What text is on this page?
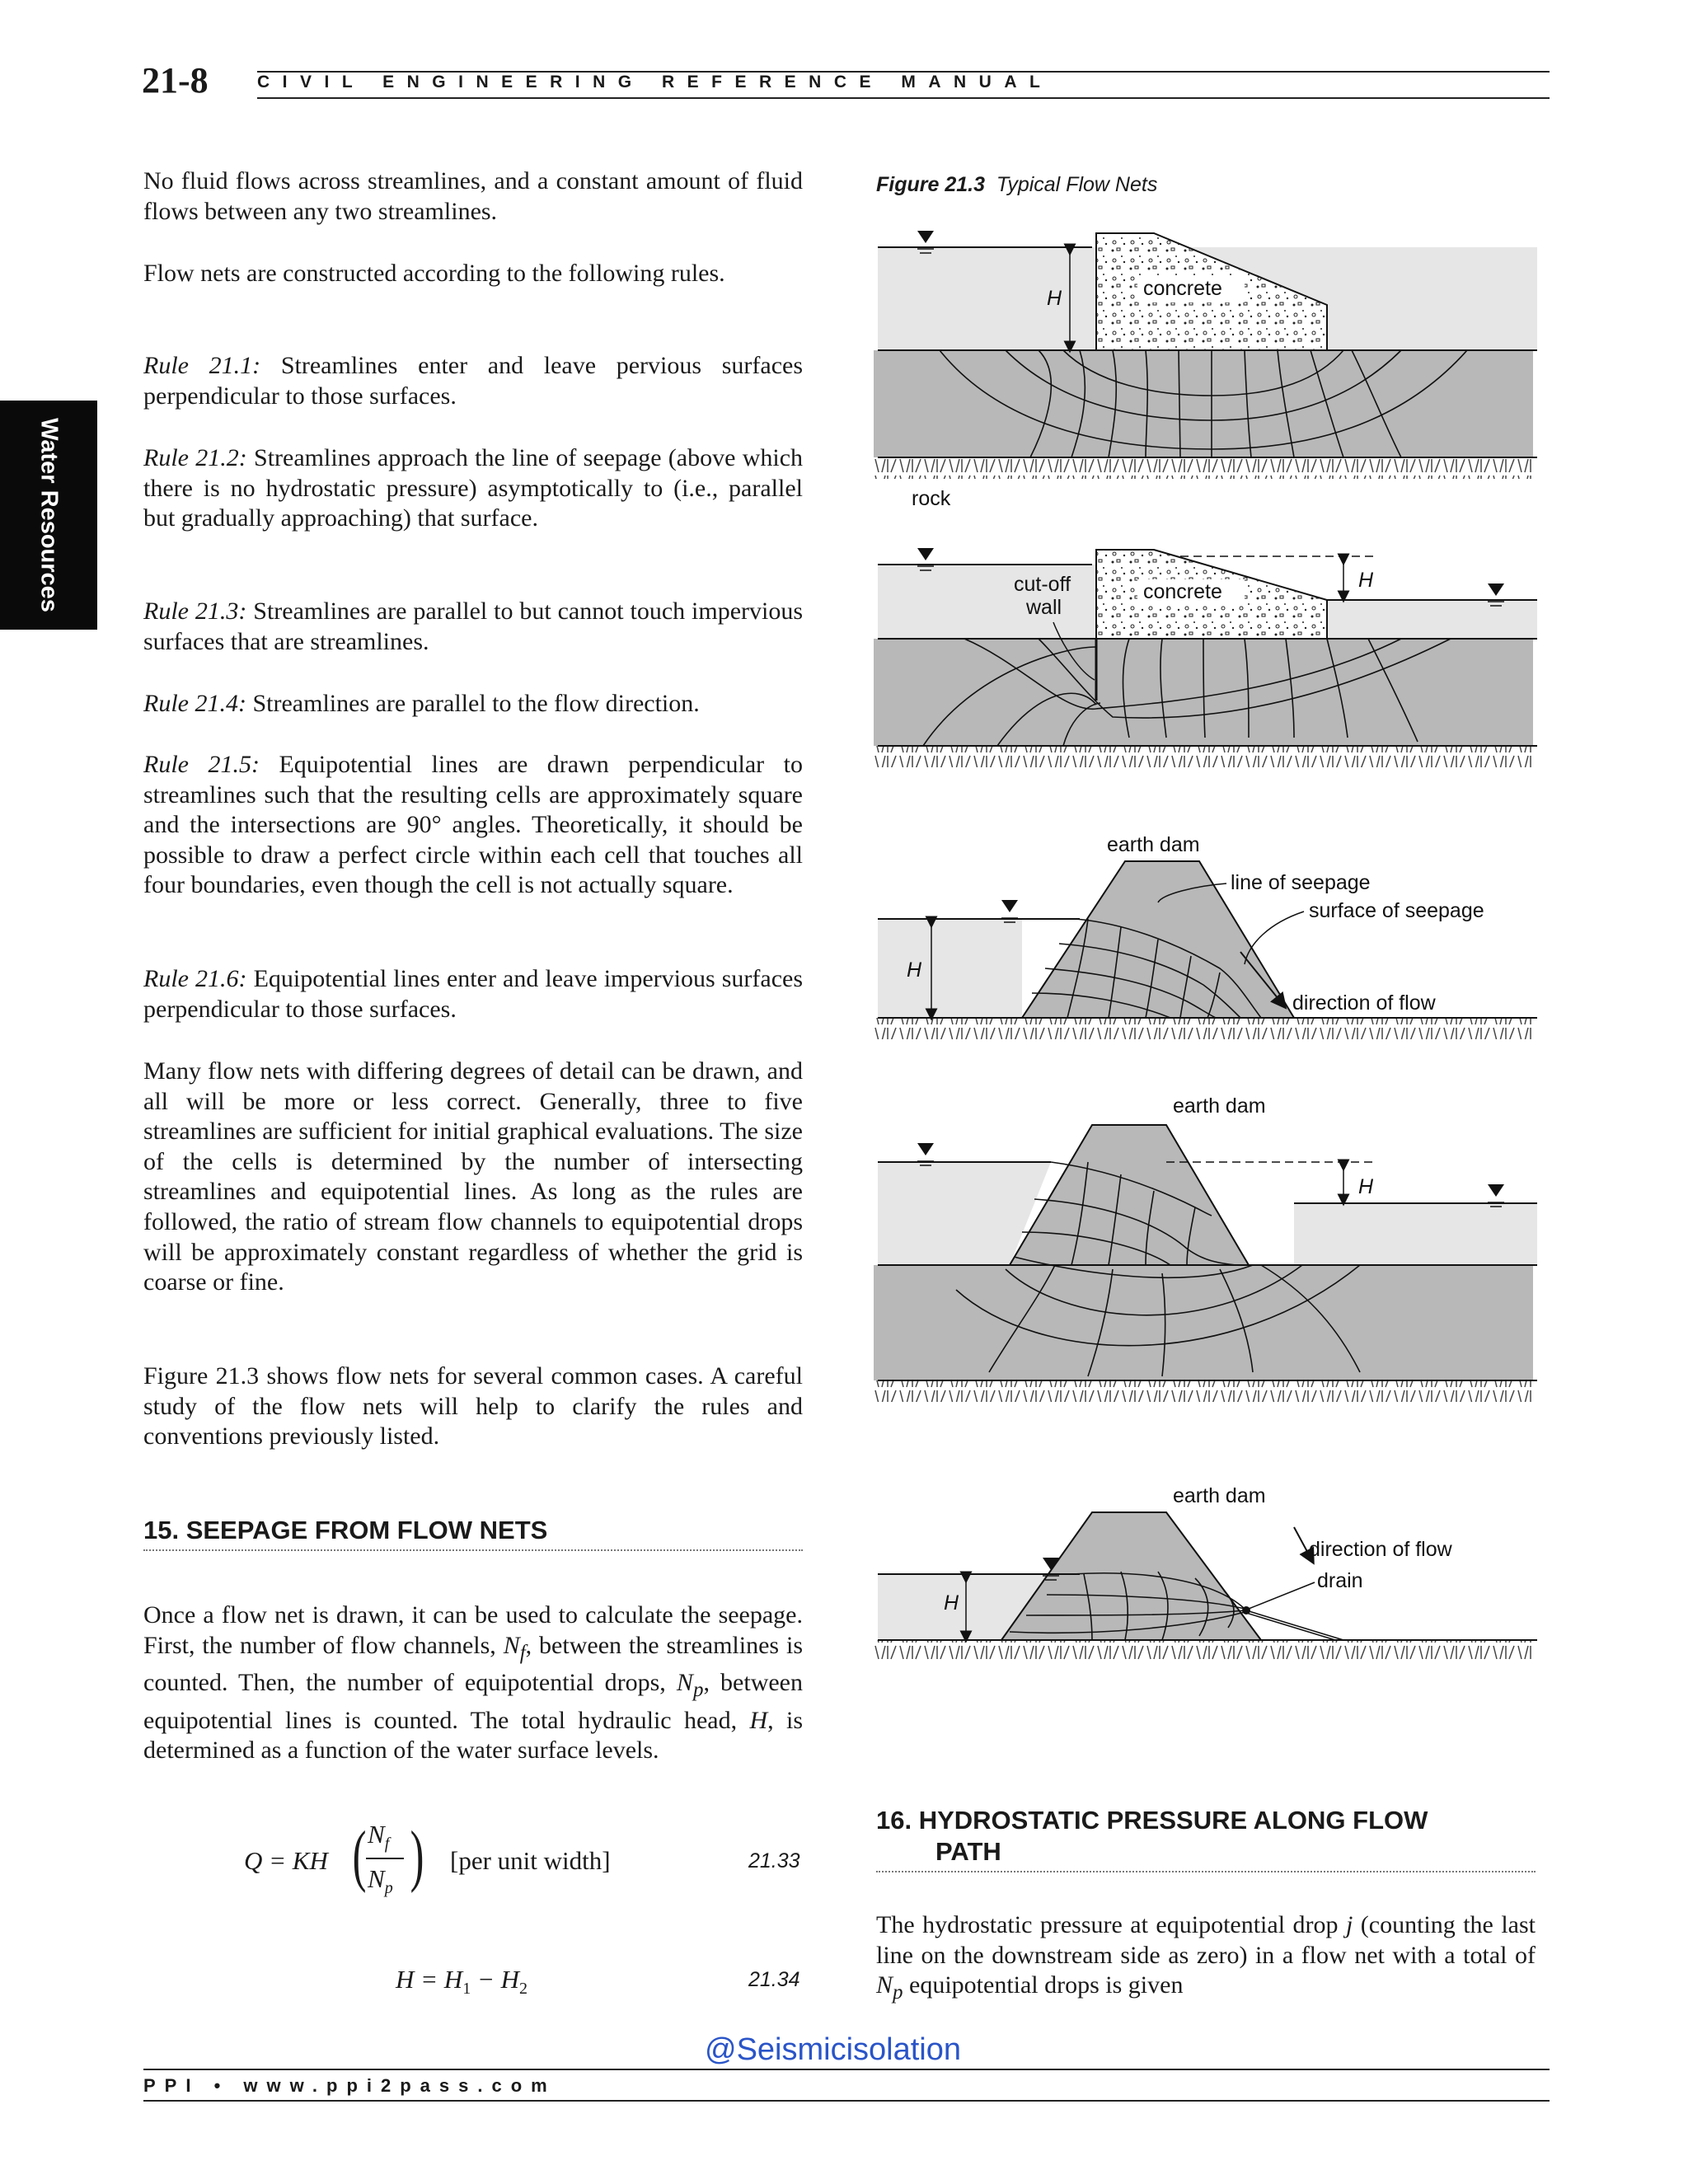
21-8	CIVIL ENGINEERING REFERENCE MANUAL
Water Resources
No fluid flows across streamlines, and a constant amount of fluid flows between any two streamlines.
Flow nets are constructed according to the following rules.
Rule 21.1: Streamlines enter and leave pervious surfaces perpendicular to those surfaces.
Rule 21.2: Streamlines approach the line of seepage (above which there is no hydrostatic pressure) asymptotically to (i.e., parallel but gradually approaching) that surface.
Rule 21.3: Streamlines are parallel to but cannot touch impervious surfaces that are streamlines.
Rule 21.4: Streamlines are parallel to the flow direction.
Rule 21.5: Equipotential lines are drawn perpendicular to streamlines such that the resulting cells are approximately square and the intersections are 90° angles. Theoretically, it should be possible to draw a perfect circle within each cell that touches all four boundaries, even though the cell is not actually square.
Rule 21.6: Equipotential lines enter and leave impervious surfaces perpendicular to those surfaces.
Many flow nets with differing degrees of detail can be drawn, and all will be more or less correct. Generally, three to five streamlines are sufficient for initial graphical evaluations. The size of the cells is determined by the number of intersecting streamlines and equipotential lines. As long as the rules are followed, the ratio of stream flow channels to equipotential drops will be approximately constant regardless of whether the grid is coarse or fine.
Figure 21.3 shows flow nets for several common cases. A careful study of the flow nets will help to clarify the rules and conventions previously listed.
15. SEEPAGE FROM FLOW NETS
Once a flow net is drawn, it can be used to calculate the seepage. First, the number of flow channels, $N_f$, between the streamlines is counted. Then, the number of equipotential drops, $N_p$, between equipotential lines is counted. The total hydraulic head, H, is determined as a function of the water surface levels.
Q = KH ( $N_f$
$N_p$ ) [per unit width]	21.33
$H = H_1 - H_2$	21.34
16. HYDROSTATIC PRESSURE ALONG FLOW
PATH
The hydrostatic pressure at equipotential drop j (counting the last line on the downstream side as zero) in a flow net with a total of $N_p$ equipotential drops is given
Figure 21.3 Typical Flow Nets
concrete
H
rock
concrete
cut-off
wall
H
earth dam
H
line of seepage
surface of seepage
direction of flow
earth dam
H
earth dam
H
direction of flow
drain
@Seismicisolation
PPI • www.ppi2pass.com
